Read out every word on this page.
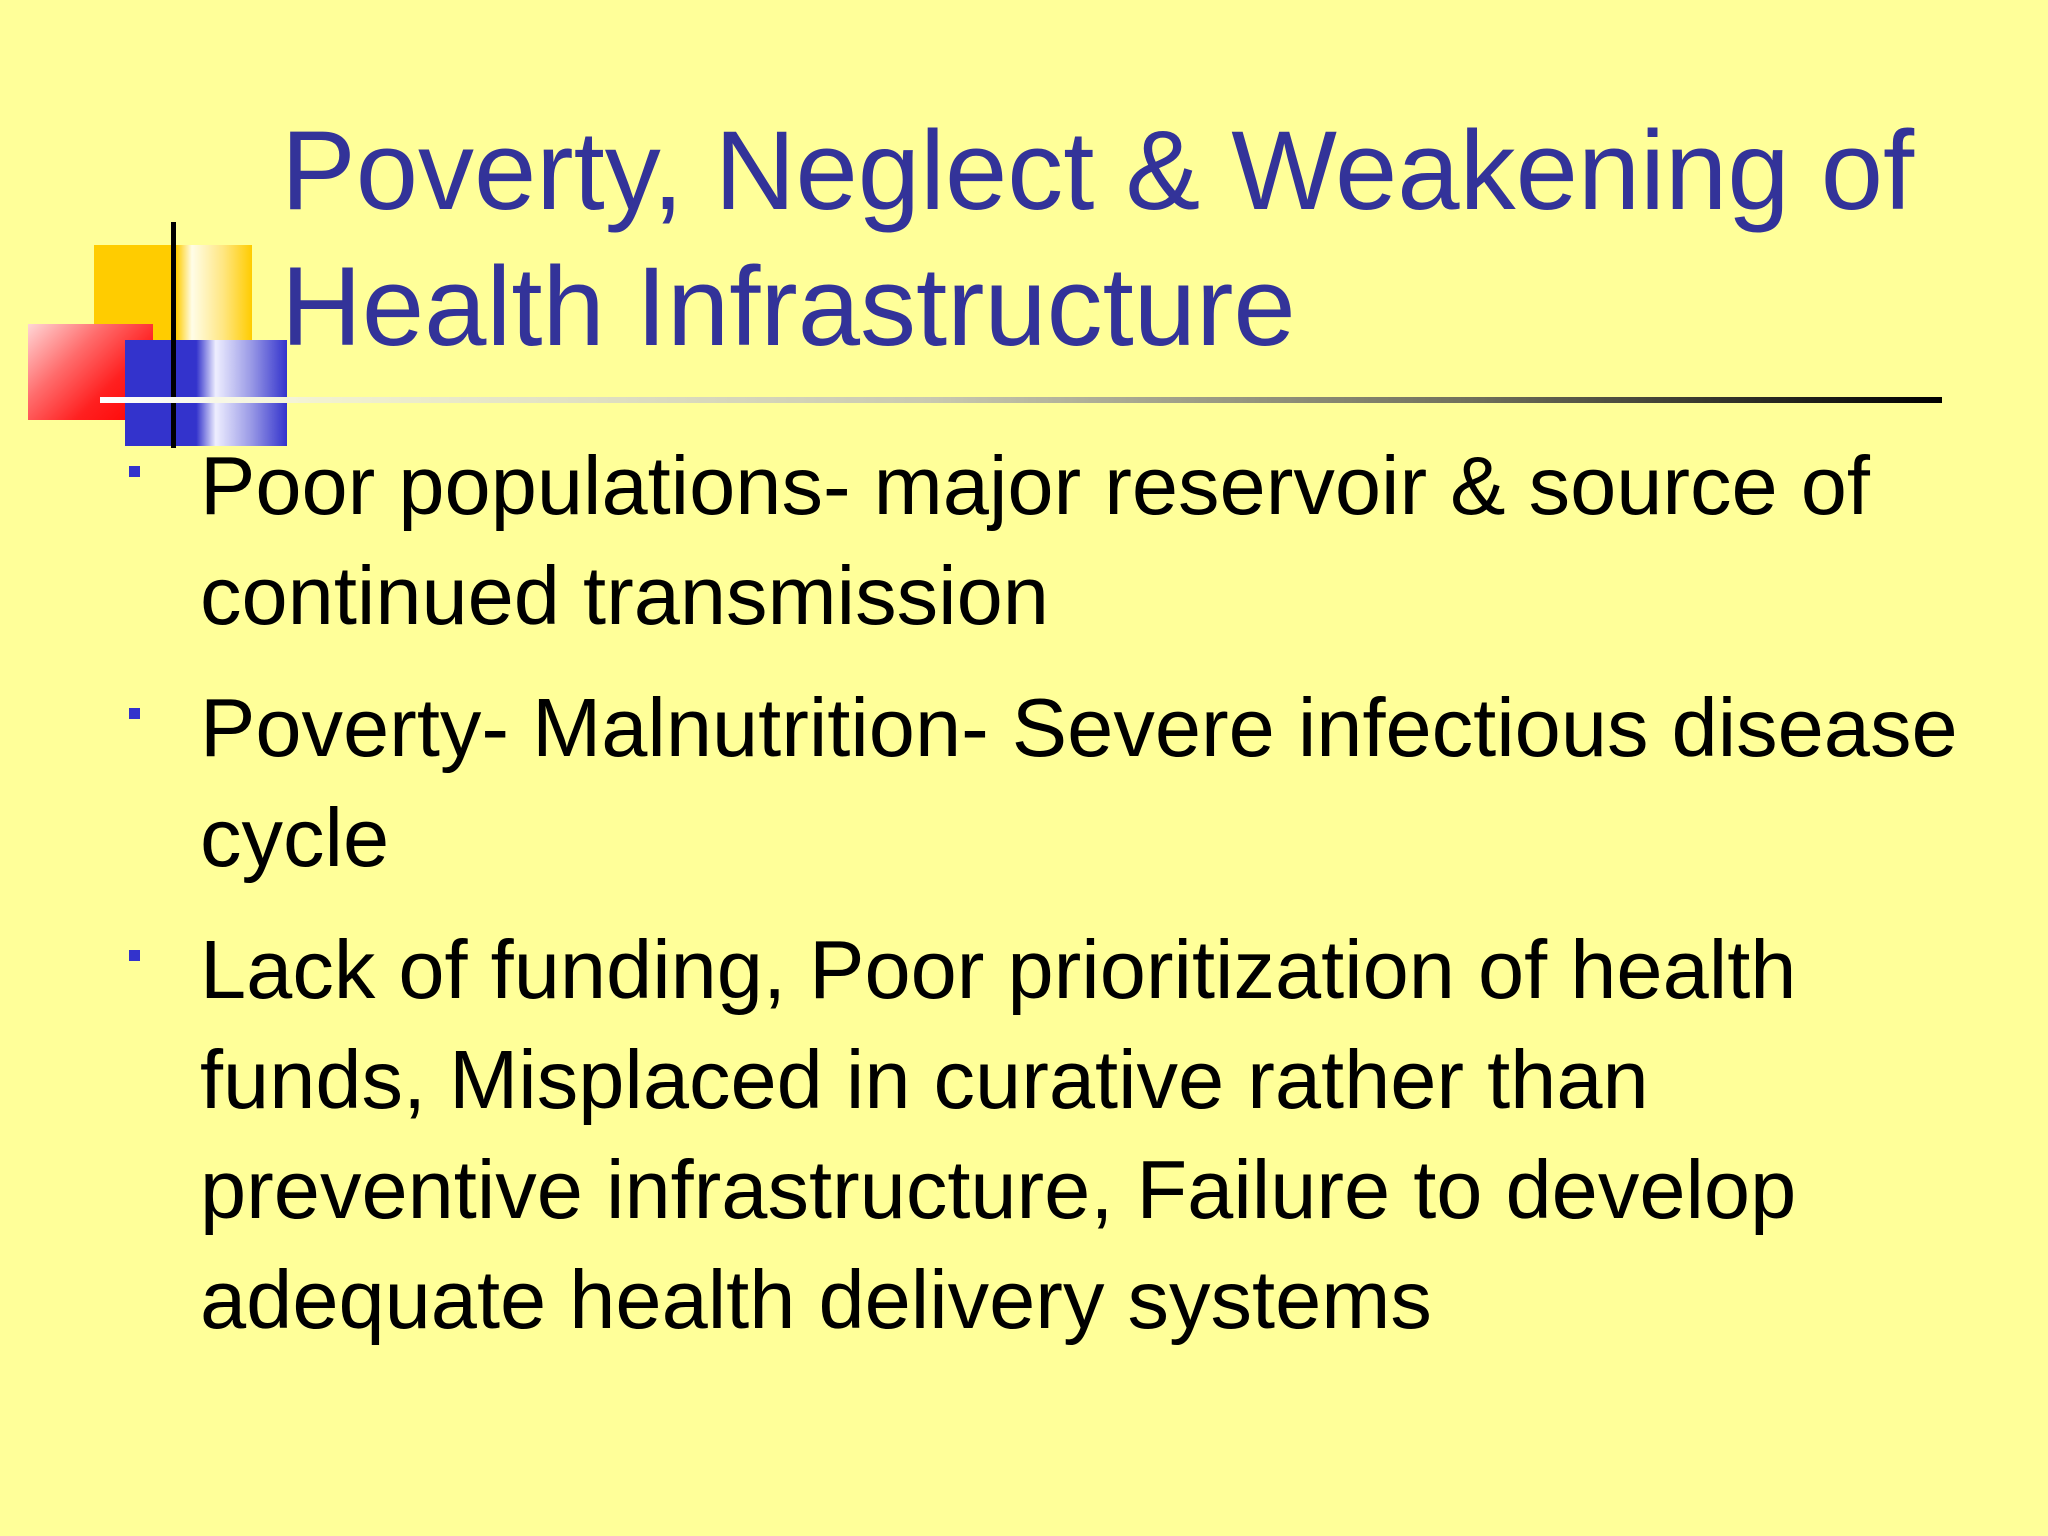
Poverty, Neglect & Weakening of Health Infrastructure
Poor populations- major reservoir & source of continued transmission
Poverty- Malnutrition- Severe infectious disease cycle
Lack of funding, Poor prioritization of health funds, Misplaced in curative rather than preventive infrastructure, Failure to develop adequate health delivery systems
